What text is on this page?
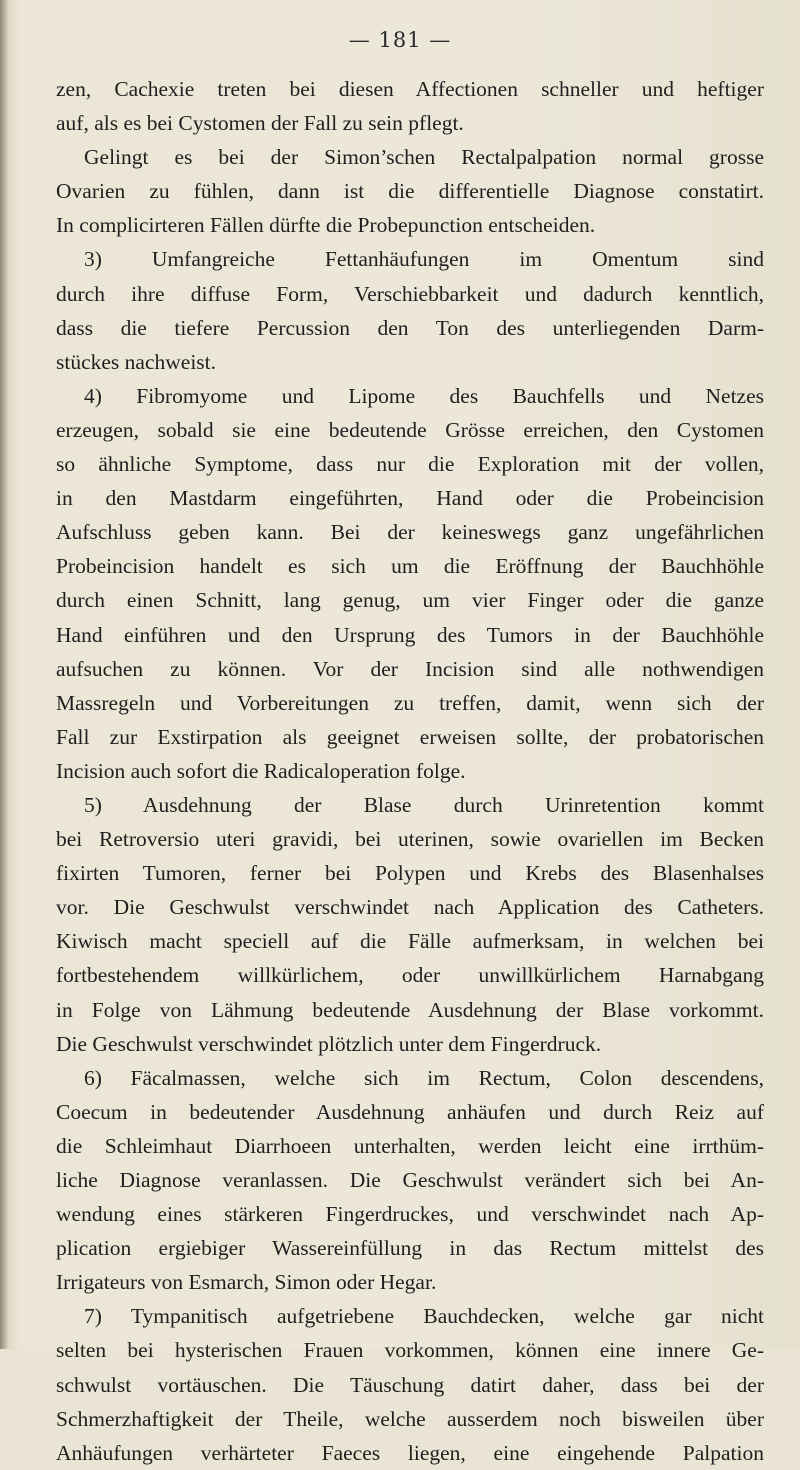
— 181 —
zen, Cachexie treten bei diesen Affectionen schneller und heftiger
auf, als es bei Cystomen der Fall zu sein pflegt.
Gelingt es bei der Simon’schen Rectalpalpation normal grosse
Ovarien zu fühlen, dann ist die differentielle Diagnose constatirt.
In complicirteren Fällen dürfte die Probepunction entscheiden.
3) Umfangreiche Fettanhäufungen im Omentum sind
durch ihre diffuse Form, Verschiebbarkeit und dadurch kenntlich,
dass die tiefere Percussion den Ton des unterliegenden Darm-
stückes nachweist.
4) Fibromyome und Lipome des Bauchfells und Netzes
erzeugen, sobald sie eine bedeutende Grösse erreichen, den Cystomen
so ähnliche Symptome, dass nur die Exploration mit der vollen,
in den Mastdarm eingeführten, Hand oder die Probeincision
Aufschluss geben kann. Bei der keineswegs ganz ungefährlichen
Probeincision handelt es sich um die Eröffnung der Bauchhöhle
durch einen Schnitt, lang genug, um vier Finger oder die ganze
Hand einführen und den Ursprung des Tumors in der Bauchhöhle
aufsuchen zu können. Vor der Incision sind alle nothwendigen
Massregeln und Vorbereitungen zu treffen, damit, wenn sich der
Fall zur Exstirpation als geeignet erweisen sollte, der probatorischen
Incision auch sofort die Radicaloperation folge.
5) Ausdehnung der Blase durch Urinretention kommt
bei Retroversio uteri gravidi, bei uterinen, sowie ovariellen im Becken
fixirten Tumoren, ferner bei Polypen und Krebs des Blasenhalses
vor. Die Geschwulst verschwindet nach Application des Catheters.
Kiwisch macht speciell auf die Fälle aufmerksam, in welchen bei
fortbestehendem willkürlichem, oder unwillkürlichem Harnabgang
in Folge von Lähmung bedeutende Ausdehnung der Blase vorkommt.
Die Geschwulst verschwindet plötzlich unter dem Fingerdruck.
6) Fäcalmassen, welche sich im Rectum, Colon descendens,
Coecum in bedeutender Ausdehnung anhäufen und durch Reiz auf
die Schleimhaut Diarrhoeen unterhalten, werden leicht eine irrthüm-
liche Diagnose veranlassen. Die Geschwulst verändert sich bei An-
wendung eines stärkeren Fingerdruckes, und verschwindet nach Ap-
plication ergiebiger Wassereinfüllung in das Rectum mittelst des
Irrigateurs von Esmarch, Simon oder Hegar.
7) Tympanitisch aufgetriebene Bauchdecken, welche gar nicht
selten bei hysterischen Frauen vorkommen, können eine innere Ge-
schwulst vortäuschen. Die Täuschung datirt daher, dass bei der
Schmerzhaftigkeit der Theile, welche ausserdem noch bisweilen über
Anhäufungen verhärteter Faeces liegen, eine eingehende Palpation
